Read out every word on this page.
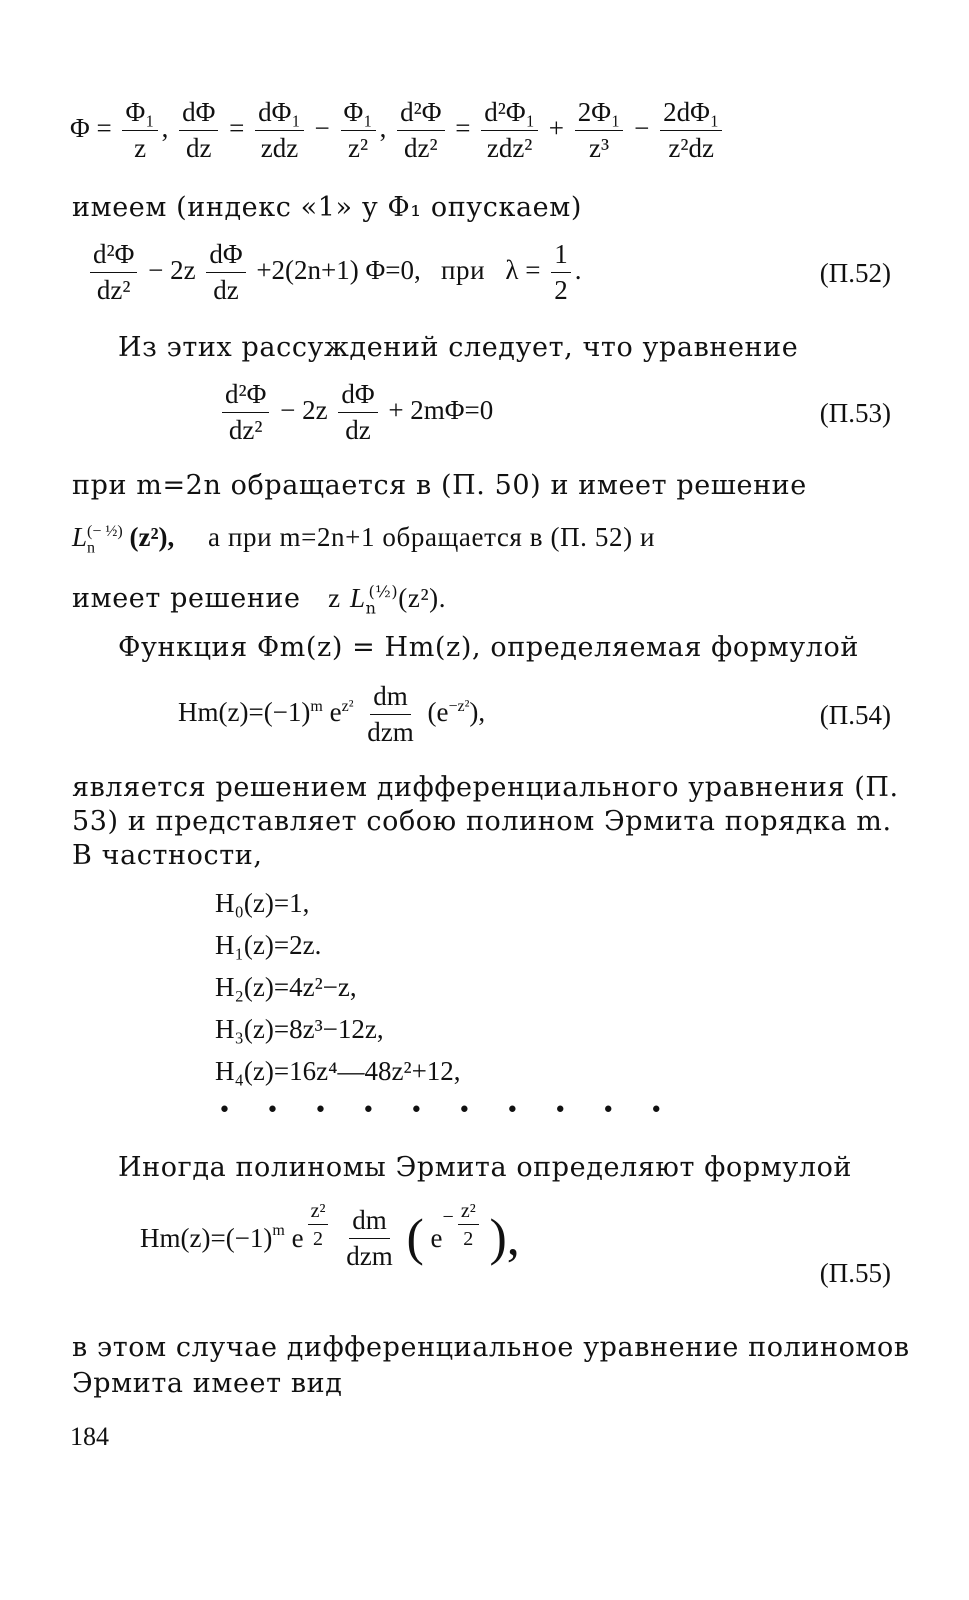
$\Phi = \frac{\text{Φ₁}}{z}$ , $\frac{d\Phi}{dz} = \frac{\text{dΦ₁}}{\text{zdz}} - \frac{\text{Φ₁}}{\text{z²}}$ , $\frac{\text{d²Φ}}{\text{dz²}} = \frac{\text{d²Φ₁}}{\text{zdz²}} + \frac{\text{2Φ₁}}{\text{z³}} - \frac{\text{2dΦ₁}}{\text{z²dz}}$
имеем (индекс «1» у Φ₁ опускаем)
$\frac{\text{d²Φ}}{\text{dz²}} - 2z \frac{d\Phi}{dz} +2(2n+1)$ Φ=0, при $\lambda = \frac{1}{2}$ .	(П.52)
Из этих рассуждений следует, что уравнение
$\frac{\text{d²Φ}}{\text{dz²}} - 2z \frac{d\Phi}{dz} + 2m\Phi=0$	(П.53)
при m=2n обращается в (П. 50) и имеет решение
$L_n^{(- \frac{1}{2})}$ (z²), а при m=2n+1 обращается в (П. 52) и
имеет решение z $L_n^{(\frac{1}{2})}(z^2)$.
Функция Φm(z) = Hm(z), определяемая формулой
$Hm(z)=(-1)^m$ $e^{z^2} \frac{dm}{\text{dzm}} (e^{-z^2})$,	(П.54)
является решением дифференциального уравнения (П.
53) и представляет собою полином Эрмита порядка m.
В частности,
H₀(z)=1,
H₁(z)=2z.
H₂(z)=4z²−z,
H₃(z)=8z³−12z,
H₄(z)=16z⁴—48z²+12,
• • • • • • • • • •
Иногда полиномы Эрмита определяют формулой
$Hm(z)=(-1)^m$ e $\frac{\text{z²}}{2}$
$\frac{dm}{\text{dzm}}$ ( $e^- \frac{\text{z²}}{2}$ ),
(П.55)
в этом случае дифференциальное уравнение полиномов
Эрмита имеет вид
184
